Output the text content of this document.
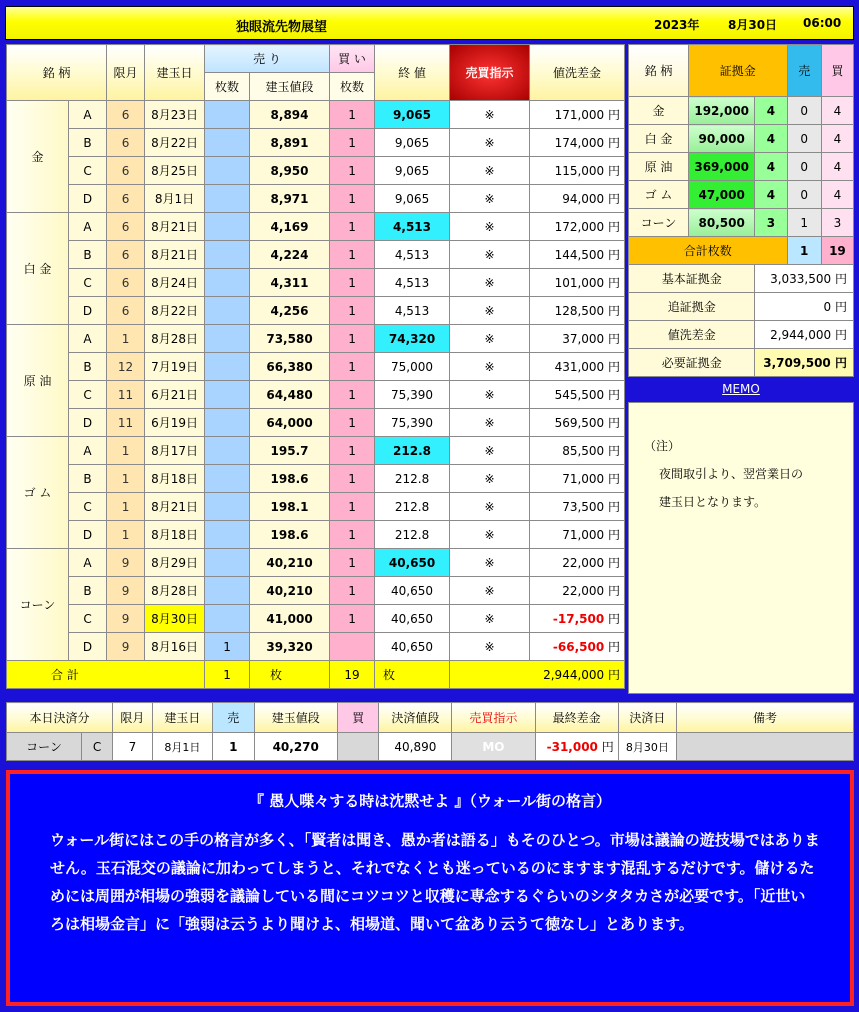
独眼流先物展望	2023年 8月30日 06:00
銘 柄		限月	建玉日	売 り		買 い	終 値	売買指示	値洗差金
				枚数	建玉値段	枚数			
金	A	6	8月23日		8,894	1	9,065	※	171,000 円
	B	6	8月22日		8,891	1	9,065	※	174,000 円
	C	6	8月25日		8,950	1	9,065	※	115,000 円
	D	6	8月1日		8,971	1	9,065	※	94,000 円
白 金	A	6	8月21日		4,169	1	4,513	※	172,000 円
	B	6	8月21日		4,224	1	4,513	※	144,500 円
	C	6	8月24日		4,311	1	4,513	※	101,000 円
	D	6	8月22日		4,256	1	4,513	※	128,500 円
原 油	A	1	8月28日		73,580	1	74,320	※	37,000 円
	B	12	7月19日		66,380	1	75,000	※	431,000 円
	C	11	6月21日		64,480	1	75,390	※	545,500 円
	D	11	6月19日		64,000	1	75,390	※	569,500 円
ゴ ム	A	1	8月17日		195.7	1	212.8	※	85,500 円
	B	1	8月18日		198.6	1	212.8	※	71,000 円
	C	1	8月21日		198.1	1	212.8	※	73,500 円
	D	1	8月18日		198.6	1	212.8	※	71,000 円
コーン	A	9	8月29日		40,210	1	40,650	※	22,000 円
	B	9	8月28日		40,210	1	40,650	※	22,000 円
	C	9	8月30日		41,000	1	40,650	※	-17,500 円
	D	9	8月16日	1	39,320		40,650	※	-66,500 円
合 計				1	枚	19	枚	2,944,000 円	
銘 柄	証拠金		売	買
金	192,000	4	0	4
白 金	90,000	4	0	4
原 油	369,000	4	0	4
ゴ ム	47,000	4	0	4
コーン	80,500	3	1	3
合計枚数			1	19
基本証拠金		3,033,500 円		
追証拠金		0 円		
値洗差金		2,944,000 円		
必要証拠金		3,709,500 円		
MEMO
（注）
夜間取引より、翌営業日の
建玉日となります。
本日決済分		限月	建玉日	売	建玉値段	買	決済値段	売買指示	最終差金	決済日	備考
コーン	C	7	8月1日	1	40,270		40,890	MO	-31,000 円	8月30日	
『 愚人喋々する時は沈黙せよ 』（ウォール街の格言）
ウォール街にはこの手の格言が多く、「賢者は聞き、愚か者は語る」もそのひとつ。市場は議論の遊技場ではありません。玉石混交の議論に加わってしまうと、それでなくとも迷っているのにますます混乱するだけです。儲けるためには周囲が相場の強弱を議論している間にコツコツと収穫に専念するぐらいのシタタカさが必要です。「近世いろは相場金言」に「強弱は云うより聞けよ、相場道、聞いて盆あり云うて徳なし」とあります。
